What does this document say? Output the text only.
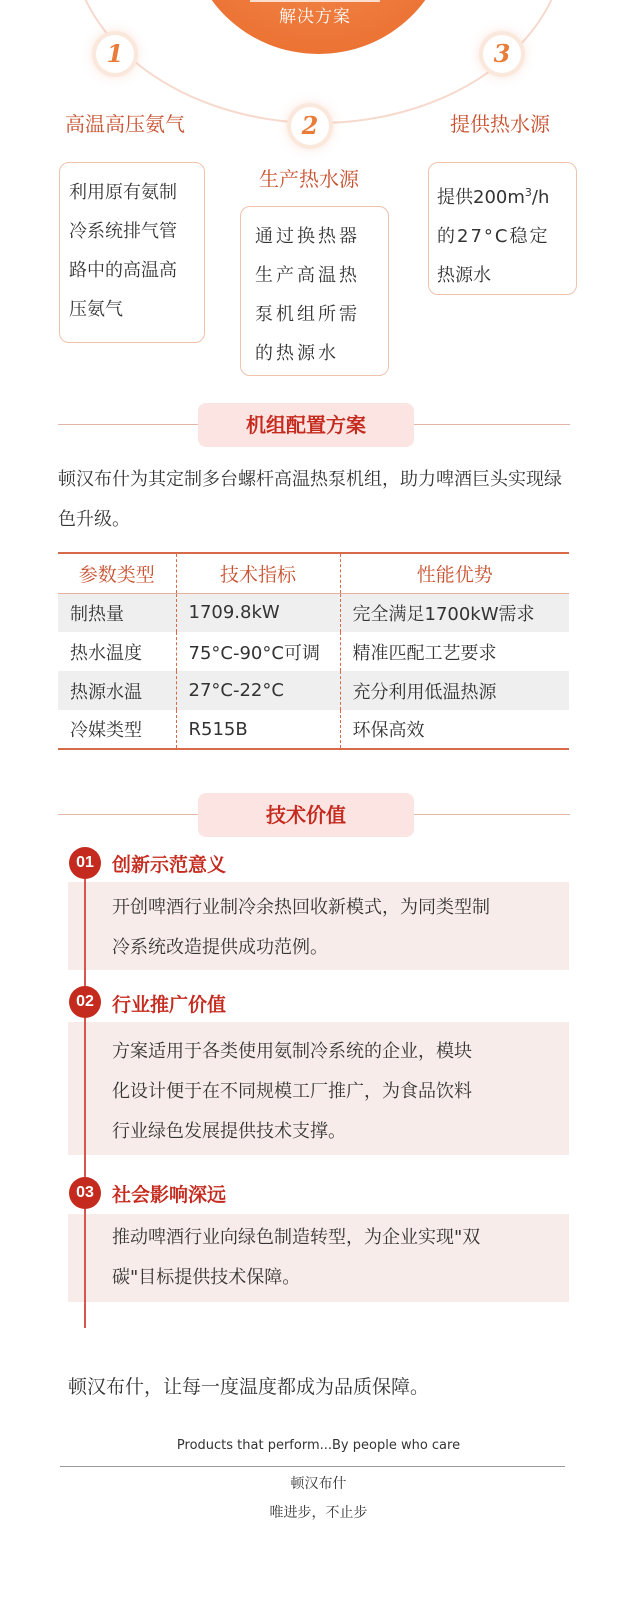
解决方案
1
2
3
高温高压氨气
生产热水源
提供热水源

利用原有氨制

冷系统排气管

路中的高温高

压氨气

通过换热器

生产高温热

泵机组所需

的热源水

提供$200m^3/h$

的27°C稳定

热源水

机组配置方案
顿汉布什为其定制多台螺杆高温热泵机组，助力啤酒巨头实现绿色升级。
参数类型	技术指标	性能优势
制热量	1709.8kW	完全满足1700kW需求
热水温度	75°C-90°C可调	精准匹配工艺要求
热源水温	27°C-22°C	充分利用低温热源
冷媒类型	R515B	环保高效
技术价值

开创啤酒行业制冷余热回收新模式，为同类型制

冷系统改造提供成功范例。

方案适用于各类使用氨制冷系统的企业，模块

化设计便于在不同规模工厂推广，为食品饮料

行业绿色发展提供技术支撑。

推动啤酒行业向绿色制造转型，为企业实现"双

碳"目标提供技术保障。

01 创新示范意义
02 行业推广价值
03 社会影响深远
顿汉布什，让每一度温度都成为品质保障。
Products that perform...By people who care
顿汉布什
唯进步，不止步
